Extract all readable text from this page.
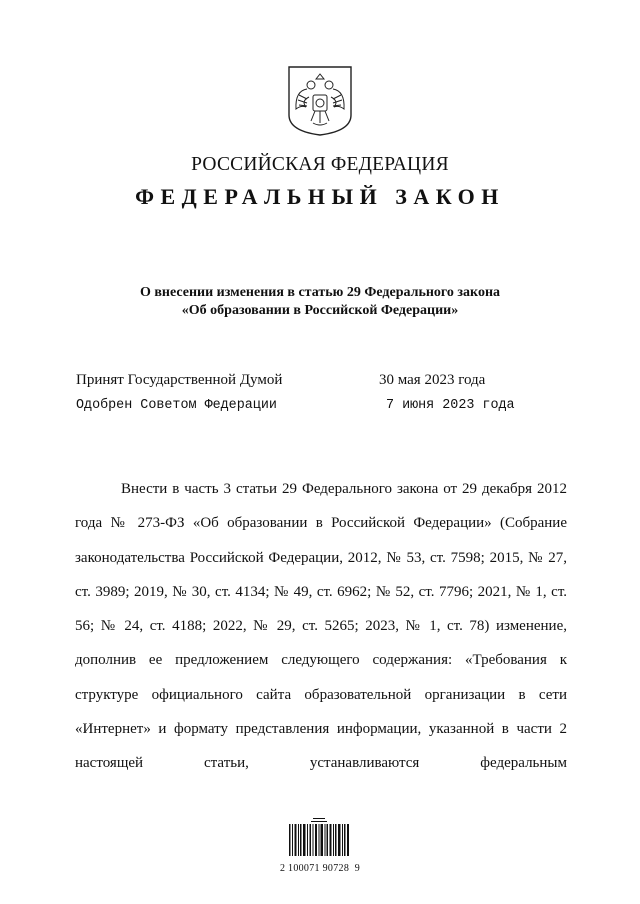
РОССИЙСКАЯ ФЕДЕРАЦИЯ
ФЕДЕРАЛЬНЫЙ ЗАКОН
О внесении изменения в статью 29 Федерального закона
«Об образовании в Российской Федерации»
Принят Государственной Думой	30 мая 2023 года
Одобрен Советом Федерации	7 июня 2023 года

Внести в часть 3 статьи 29 Федерального закона от 29 декабря 2012 года № 273-ФЗ «Об образовании в Российской Федерации» (Собрание законодательства Российской Федерации, 2012, № 53, ст. 7598; 2015, № 27, ст. 3989; 2019, № 30, ст. 4134; № 49, ст. 6962; № 52, ст. 7796; 2021, № 1, ст. 56; № 24, ст. 4188; 2022, № 29, ст. 5265; 2023, № 1, ст. 78) изменение, дополнив ее предложением следующего содержания: «Требования к структуре официального сайта образовательной организации в сети «Интернет» и формату представления информации, указанной в части 2 настоящей статьи, устанавливаются федеральным

2 100071 90728  9
